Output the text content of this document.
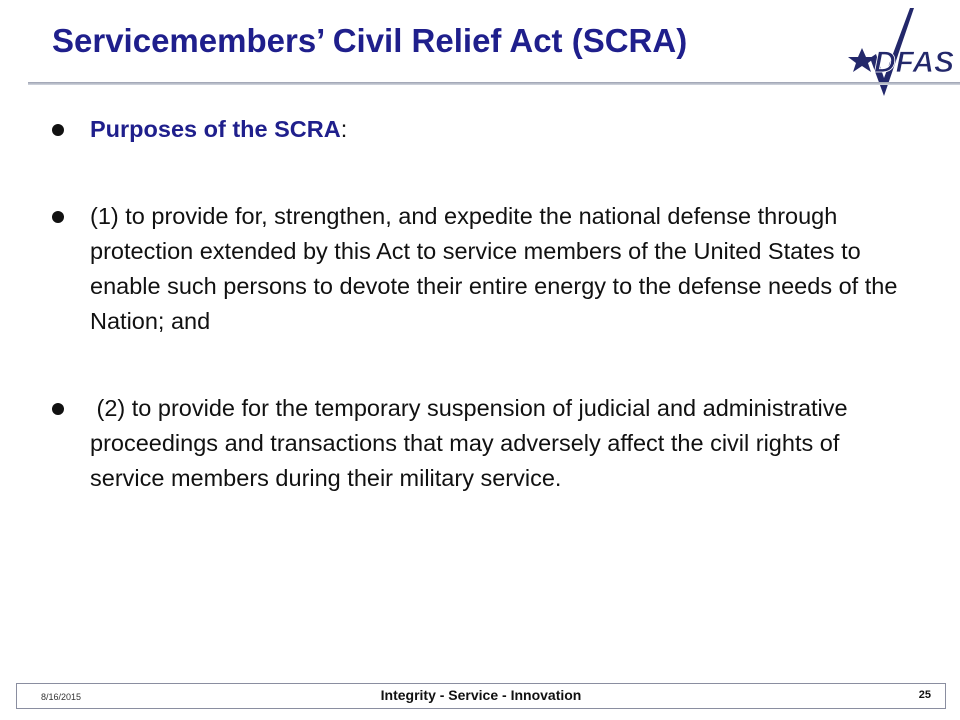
Servicemembers’ Civil Relief Act (SCRA)
DFAS
Purposes of the SCRA:
(1) to provide for, strengthen, and expedite the national defense through protection extended by this Act to service members of the United States to enable such persons to devote their entire energy to the defense needs of the Nation; and
(2) to provide for the temporary suspension of judicial and administrative proceedings and transactions that may adversely affect the civil rights of service members during their military service.
8/16/2015	Integrity - Service - Innovation	25
